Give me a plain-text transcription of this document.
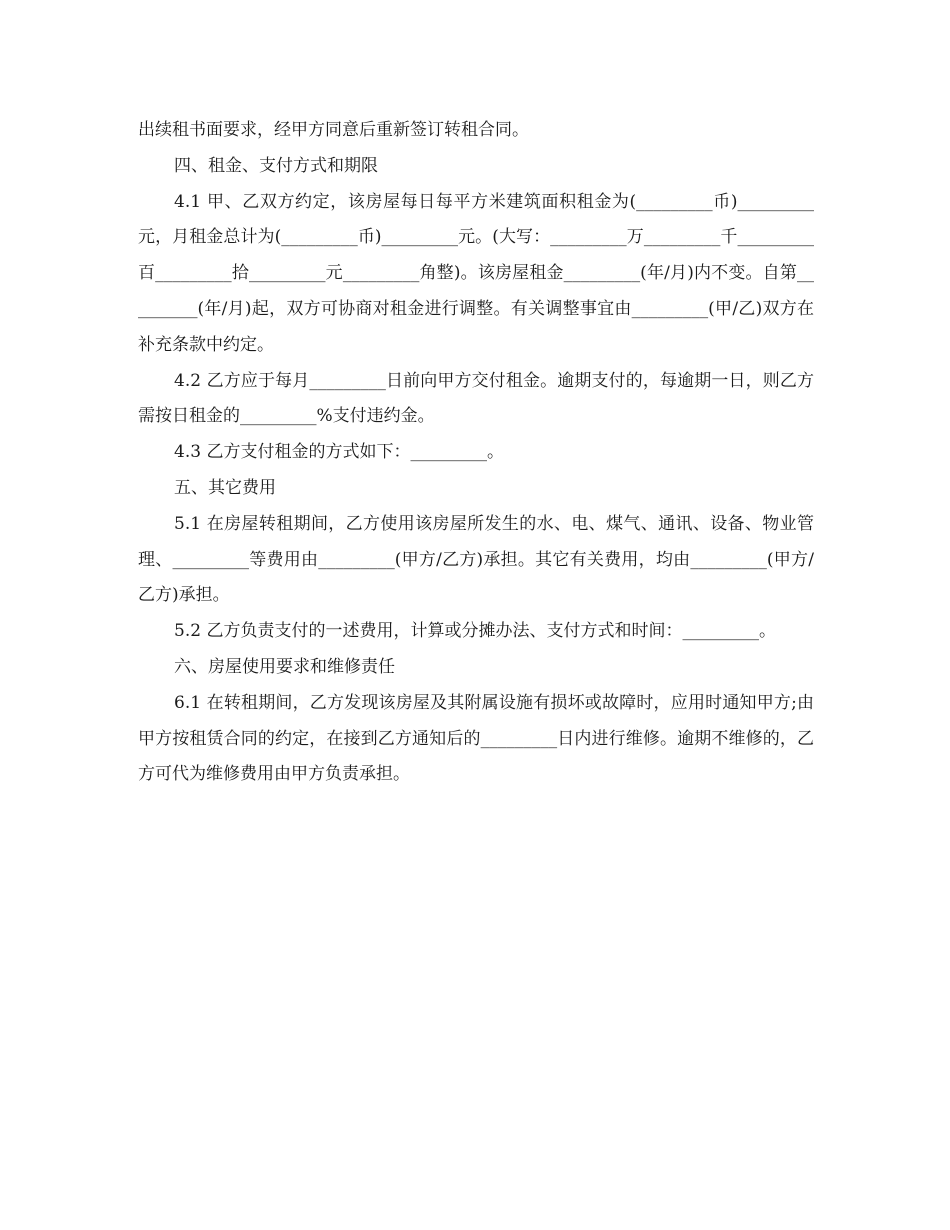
出续租书面要求，经甲方同意后重新签订转租合同。

四、租金、支付方式和期限

4.1 甲、乙双方约定，该房屋每日每平方米建筑面积租金为(_________币)_________元，月租金总计为(_________币)_________元。(大写：_________万_________千_________百_________拾_________元_________角整)。该房屋租金_________(年/月)内不变。自第_________(年/月)起，双方可协商对租金进行调整。有关调整事宜由_________(甲/乙)双方在补充条款中约定。

4.2 乙方应于每月_________日前向甲方交付租金。逾期支付的，每逾期一日，则乙方需按日租金的_________%支付违约金。

4.3 乙方支付租金的方式如下：_________。

五、其它费用

5.1 在房屋转租期间，乙方使用该房屋所发生的水、电、煤气、通讯、设备、物业管理、_________等费用由_________(甲方/乙方)承担。其它有关费用，均由_________(甲方/乙方)承担。

5.2 乙方负责支付的一述费用，计算或分摊办法、支付方式和时间：_________。

六、房屋使用要求和维修责任

6.1 在转租期间，乙方发现该房屋及其附属设施有损坏或故障时，应用时通知甲方;由甲方按租赁合同的约定，在接到乙方通知后的_________日内进行维修。逾期不维修的，乙方可代为维修费用由甲方负责承担。
